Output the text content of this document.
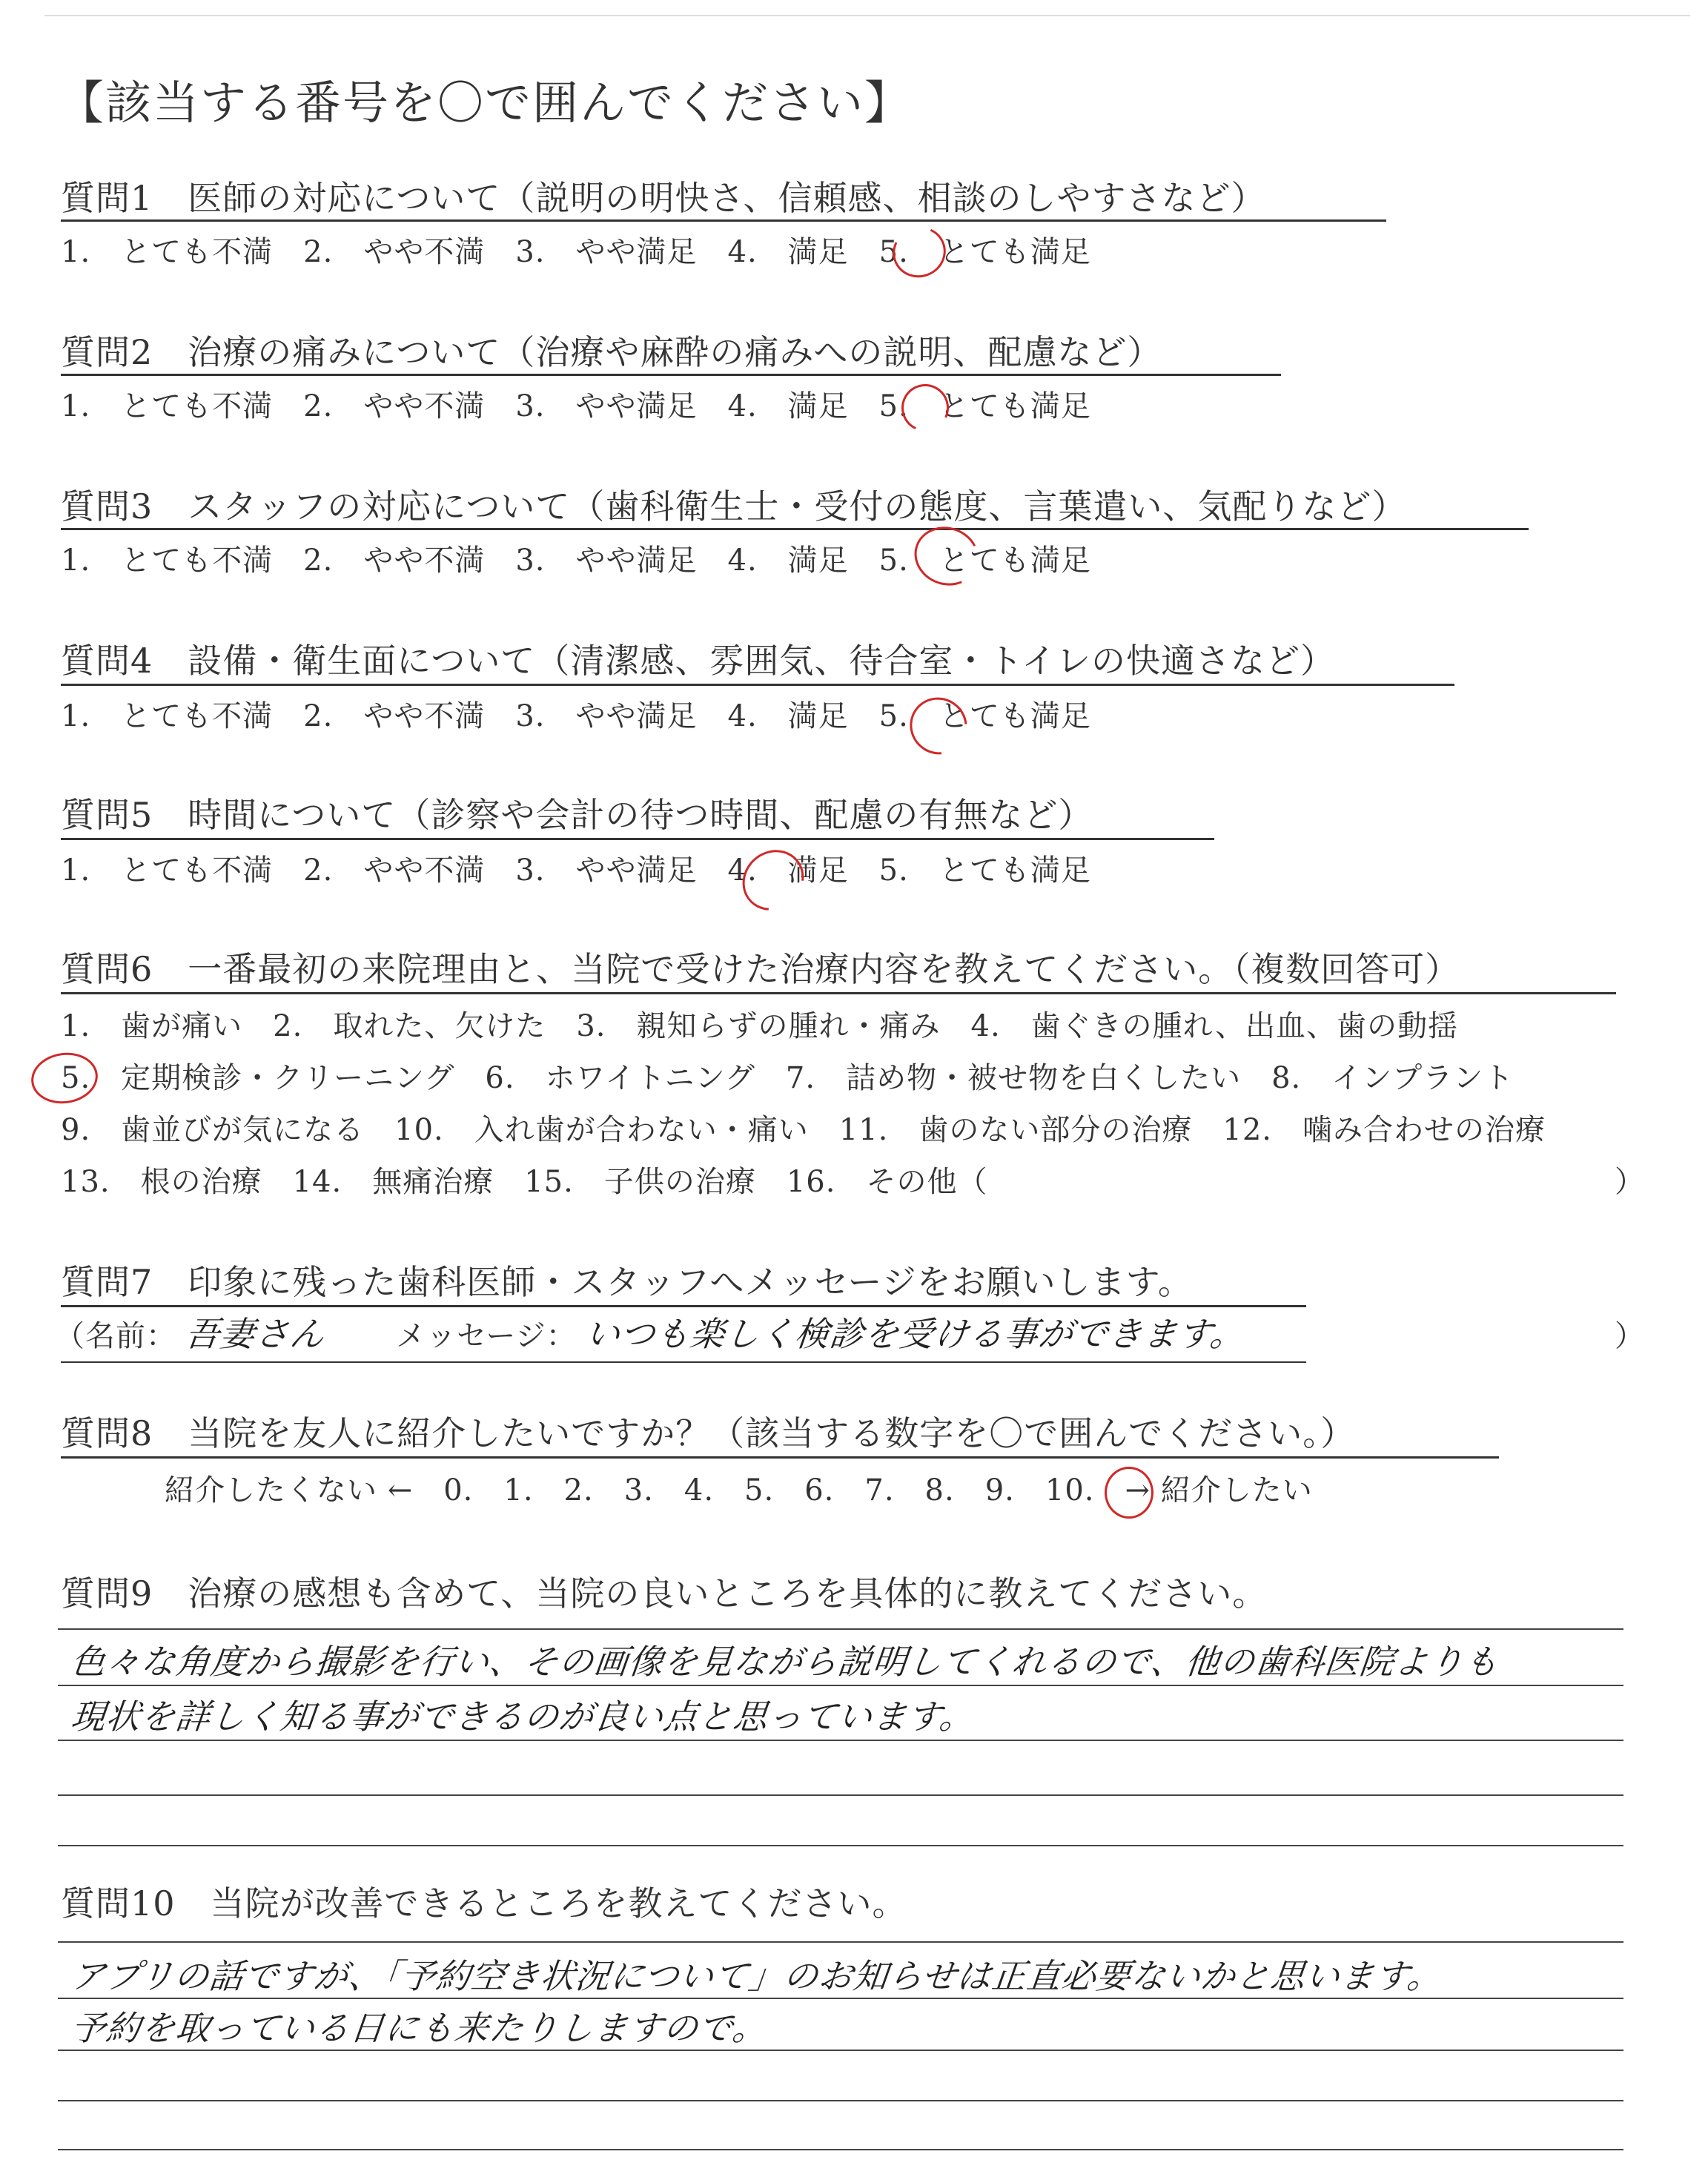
【該当する番号を〇で囲んでください】
質問1　医師の対応について（説明の明快さ、信頼感、相談のしやすさなど）
1.　とても不満　2.　やや不満　3.　やや満足　4.　満足　5.　とても満足
質問2　治療の痛みについて（治療や麻酔の痛みへの説明、配慮など）
1.　とても不満　2.　やや不満　3.　やや満足　4.　満足　5.　とても満足
質問3　スタッフの対応について（歯科衛生士・受付の態度、言葉遣い、気配りなど）
1.　とても不満　2.　やや不満　3.　やや満足　4.　満足　5.　とても満足
質問4　設備・衛生面について（清潔感、雰囲気、待合室・トイレの快適さなど）
1.　とても不満　2.　やや不満　3.　やや満足　4.　満足　5.　とても満足
質問5　時間について（診察や会計の待つ時間、配慮の有無など）
1.　とても不満　2.　やや不満　3.　やや満足　4.　満足　5.　とても満足
質問6　一番最初の来院理由と、当院で受けた治療内容を教えてください。（複数回答可）
1.　歯が痛い　2.　取れた、欠けた　3.　親知らずの腫れ・痛み　4.　歯ぐきの腫れ、出血、歯の動揺
5.　定期検診・クリーニング　6.　ホワイトニング　7.　詰め物・被せ物を白くしたい　8.　インプラント
9.　歯並びが気になる　10.　入れ歯が合わない・痛い　11.　歯のない部分の治療　12.　噛み合わせの治療
13.　根の治療　14.　無痛治療　15.　子供の治療　16.　その他（	）
質問7　印象に残った歯科医師・スタッフへメッセージをお願いします。
（名前： 吾妻さん メッセージ： いつも楽しく検診を受ける事ができます。	）
質問8　当院を友人に紹介したいですか？（該当する数字を〇で囲んでください。）
紹介したくない ←　0.　1.　2.　3.　4.　5.　6.　7.　8.　9.　10.　→ 紹介したい
質問9　治療の感想も含めて、当院の良いところを具体的に教えてください。
色々な角度から撮影を行い、その画像を見ながら説明してくれるので、他の歯科医院よりも
現状を詳しく知る事ができるのが良い点と思っています。
質問10　当院が改善できるところを教えてください。
アプリの話ですが、「予約空き状況について」のお知らせは正直必要ないかと思います。
予約を取っている日にも来たりしますので。
